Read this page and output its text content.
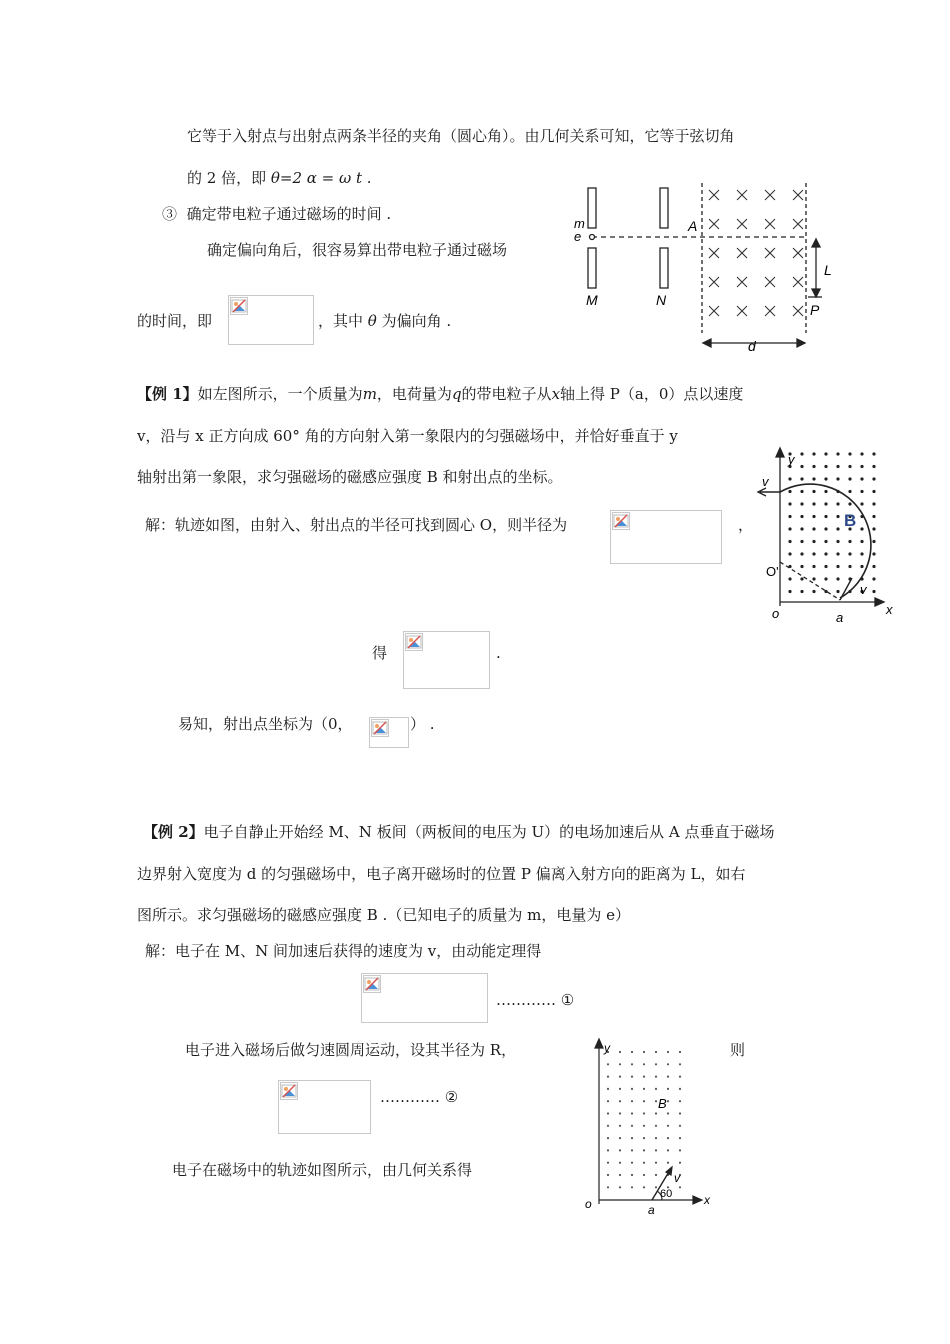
它等于入射点与出射点两条半径的夹角（圆心角）。由几何关系可知，它等于弦切角
的 2 倍，即 θ=2 α = ω t .
③ 确定带电粒子通过磁场的时间 .
确定偏向角后，很容易算出带电粒子通过磁场
的时间，即	，其中 θ 为偏向角 .
m
e
A
L
M	N
P
d
【例 1】如左图所示，一个质量为m，电荷量为q的带电粒子从x轴上得 P（a，0）点以速度
v，沿与 x 正方向成 60° 角的方向射入第一象限内的匀强磁场中，并恰好垂直于 y
轴射出第一象限，求匀强磁场的磁感应强度 B 和射出点的坐标。
解：轨迹如图，由射入、射出点的半径可找到圆心 O，则半径为	，
得	.
易知，射出点坐标为（0，	） .
y
v
B
O'
o	a
v
x
【例 2】电子自静止开始经 M、N 板间（两板间的电压为 U）的电场加速后从 A 点垂直于磁场
边界射入宽度为 d 的匀强磁场中，电子离开磁场时的位置 P 偏离入射方向的距离为 L，如右
图所示。求匀强磁场的磁感应强度 B .（已知电子的质量为 m，电量为 e）
解：电子在 M、N 间加速后获得的速度为 v，由动能定理得
………… ①
电子进入磁场后做匀速圆周运动，设其半径为 R，	则
………… ②
电子在磁场中的轨迹如图所示，由几何关系得
y
B
v
60
o	a
x
